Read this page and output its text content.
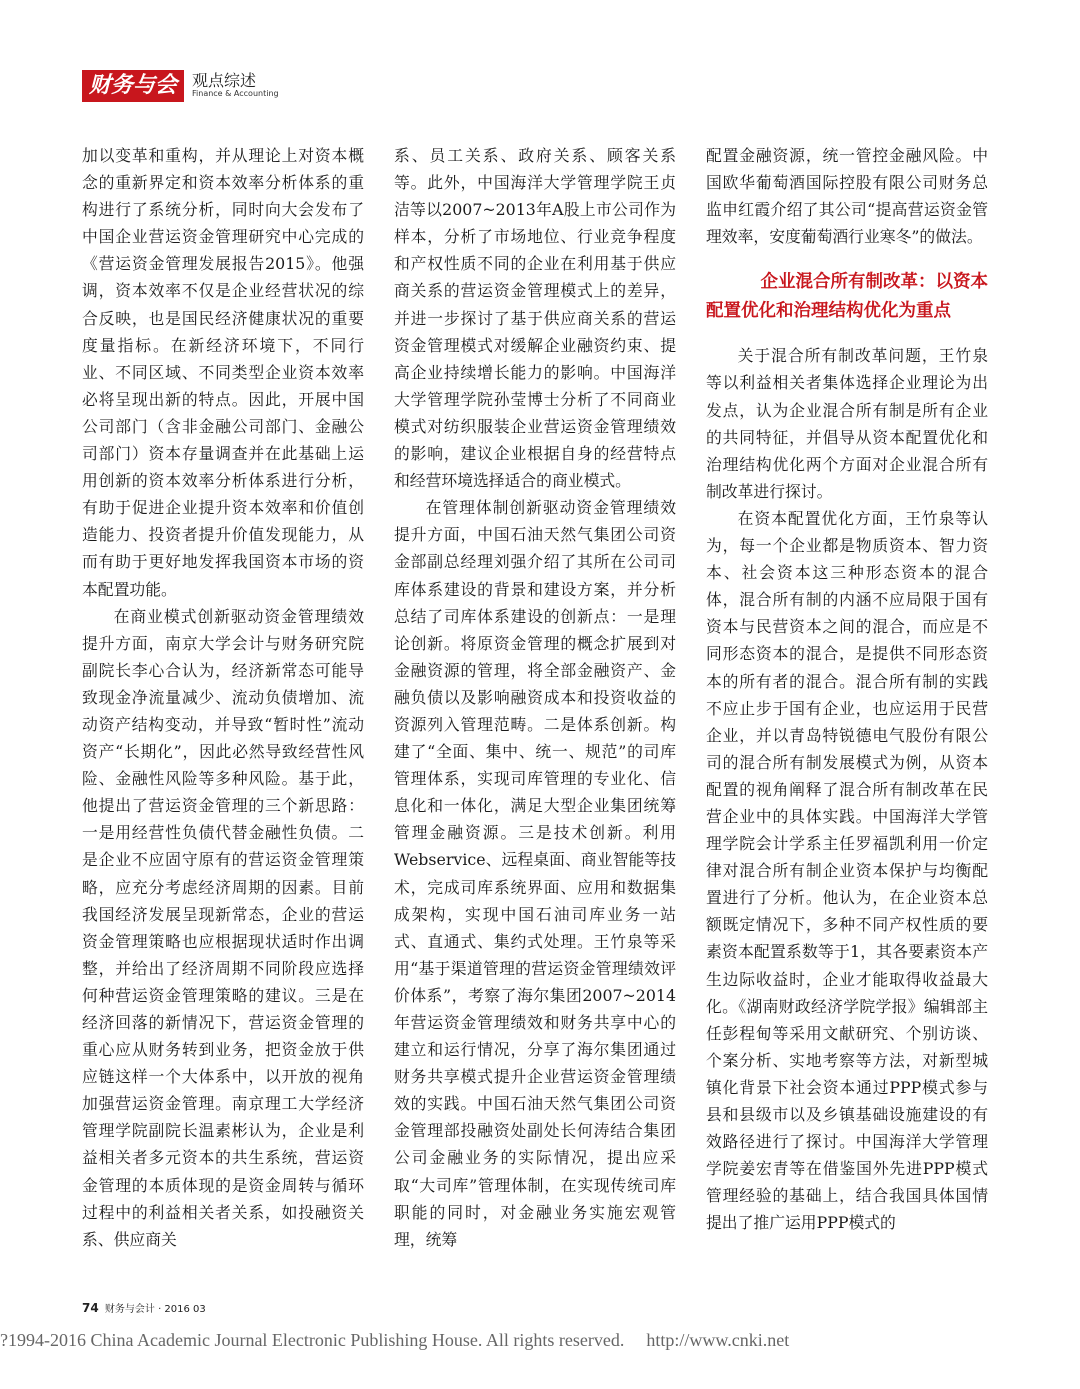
财务与会计
观点综述
Finance & Accounting

加以变革和重构，并从理论上对资本概念的重新界定和资本效率分析体系的重构进行了系统分析，同时向大会发布了中国企业营运资金管理研究中心完成的《营运资金管理发展报告2015》。他强调，资本效率不仅是企业经营状况的综合反映，也是国民经济健康状况的重要度量指标。在新经济环境下，不同行业、不同区域、不同类型企业资本效率必将呈现出新的特点。因此，开展中国公司部门（含非金融公司部门、金融公司部门）资本存量调查并在此基础上运用创新的资本效率分析体系进行分析，有助于促进企业提升资本效率和价值创造能力、投资者提升价值发现能力，从而有助于更好地发挥我国资本市场的资本配置功能。

在商业模式创新驱动资金管理绩效提升方面，南京大学会计与财务研究院副院长李心合认为，经济新常态可能导致现金净流量减少、流动负债增加、流动资产结构变动，并导致“暂时性”流动资产“长期化”，因此必然导致经营性风险、金融性风险等多种风险。基于此，他提出了营运资金管理的三个新思路：一是用经营性负债代替金融性负债。二是企业不应固守原有的营运资金管理策略，应充分考虑经济周期的因素。目前我国经济发展呈现新常态，企业的营运资金管理策略也应根据现状适时作出调整，并给出了经济周期不同阶段应选择何种营运资金管理策略的建议。三是在经济回落的新情况下，营运资金管理的重心应从财务转到业务，把资金放于供应链这样一个大体系中，以开放的视角加强营运资金管理。南京理工大学经济管理学院副院长温素彬认为，企业是利益相关者多元资本的共生系统，营运资金管理的本质体现的是资金周转与循环过程中的利益相关者关系，如投融资关系、供应商关

系、员工关系、政府关系、顾客关系等。此外，中国海洋大学管理学院王贞洁等以2007~2013年A股上市公司作为样本，分析了市场地位、行业竞争程度和产权性质不同的企业在利用基于供应商关系的营运资金管理模式上的差异，并进一步探讨了基于供应商关系的营运资金管理模式对缓解企业融资约束、提高企业持续增长能力的影响。中国海洋大学管理学院孙莹博士分析了不同商业模式对纺织服装企业营运资金管理绩效的影响，建议企业根据自身的经营特点和经营环境选择适合的商业模式。

在管理体制创新驱动资金管理绩效提升方面，中国石油天然气集团公司资金部副总经理刘强介绍了其所在公司司库体系建设的背景和建设方案，并分析总结了司库体系建设的创新点：一是理论创新。将原资金管理的概念扩展到对金融资源的管理，将全部金融资产、金融负债以及影响融资成本和投资收益的资源列入管理范畴。二是体系创新。构建了“全面、集中、统一、规范”的司库管理体系，实现司库管理的专业化、信息化和一体化，满足大型企业集团统筹管理金融资源。三是技术创新。利用Webservice、远程桌面、商业智能等技术，完成司库系统界面、应用和数据集成架构，实现中国石油司库业务一站式、直通式、集约式处理。王竹泉等采用“基于渠道管理的营运资金管理绩效评价体系”，考察了海尔集团2007~2014年营运资金管理绩效和财务共享中心的建立和运行情况，分享了海尔集团通过财务共享模式提升企业营运资金管理绩效的实践。中国石油天然气集团公司资金管理部投融资处副处长何涛结合集团公司金融业务的实际情况，提出应采取“大司库”管理体制，在实现传统司库职能的同时，对金融业务实施宏观管理，统筹

配置金融资源，统一管控金融风险。中国欧华葡萄酒国际控股有限公司财务总监申红霞介绍了其公司“提高营运资金管理效率，安度葡萄酒行业寒冬”的做法。

企业混合所有制改革：以资本
配置优化和治理结构优化为重点

关于混合所有制改革问题，王竹泉等以利益相关者集体选择企业理论为出发点，认为企业混合所有制是所有企业的共同特征，并倡导从资本配置优化和治理结构优化两个方面对企业混合所有制改革进行探讨。

在资本配置优化方面，王竹泉等认为，每一个企业都是物质资本、智力资本、社会资本这三种形态资本的混合体，混合所有制的内涵不应局限于国有资本与民营资本之间的混合，而应是不同形态资本的混合，是提供不同形态资本的所有者的混合。混合所有制的实践不应止步于国有企业，也应运用于民营企业，并以青岛特锐德电气股份有限公司的混合所有制发展模式为例，从资本配置的视角阐释了混合所有制改革在民营企业中的具体实践。中国海洋大学管理学院会计学系主任罗福凯利用一价定律对混合所有制企业资本保护与均衡配置进行了分析。他认为，在企业资本总额既定情况下，多种不同产权性质的要素资本配置系数等于1，其各要素资本产生边际收益时，企业才能取得收益最大化。《湖南财政经济学院学报》编辑部主任彭程甸等采用文献研究、个别访谈、个案分析、实地考察等方法，对新型城镇化背景下社会资本通过PPP模式参与县和县级市以及乡镇基础设施建设的有效路径进行了探讨。中国海洋大学管理学院姜宏青等在借鉴国外先进PPP模式管理经验的基础上，结合我国具体国情提出了推广运用PPP模式的

74 财务与会计 · 2016 03
?1994-2016 China Academic Journal Electronic Publishing House. All rights reserved. http://www.cnki.net
